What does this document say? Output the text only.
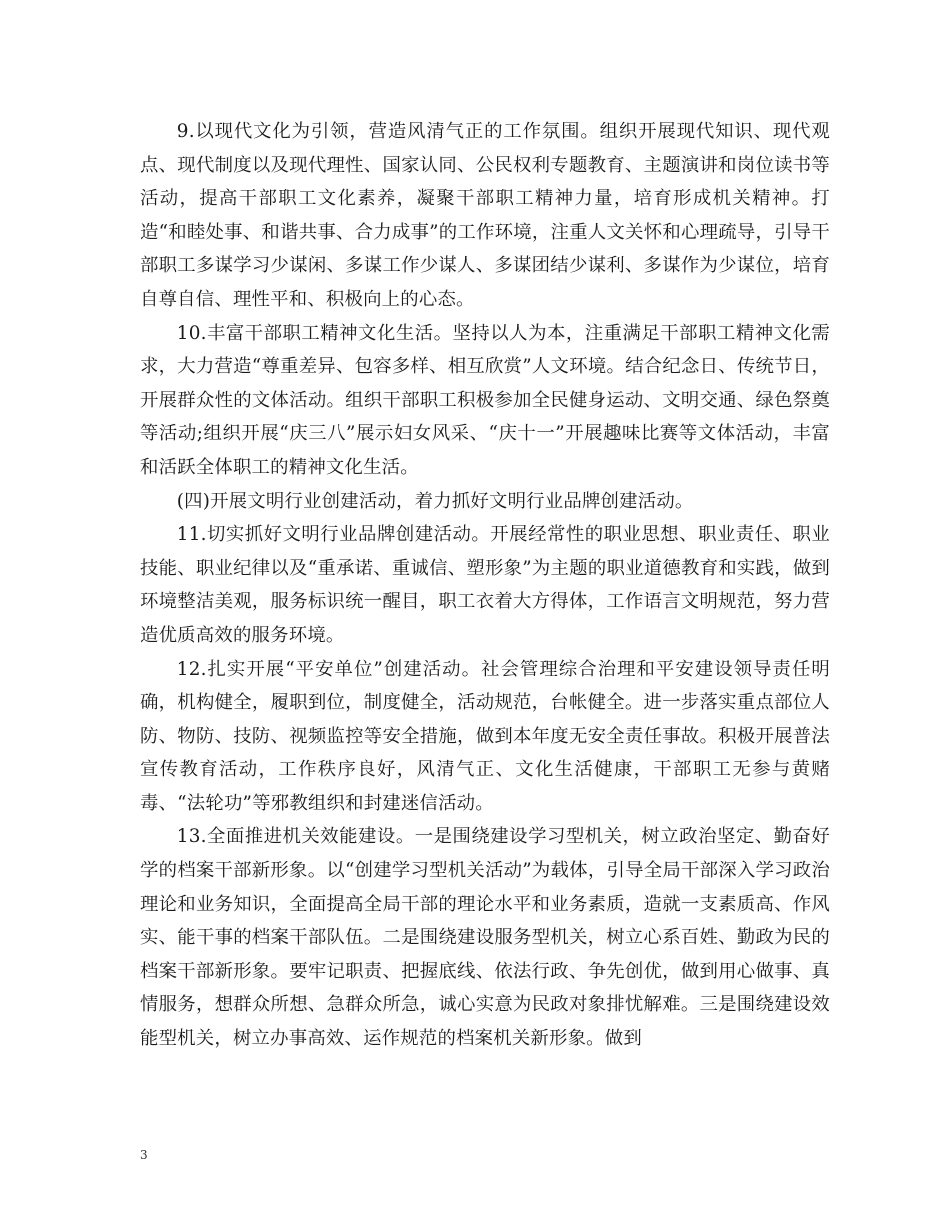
9.以现代文化为引领，营造风清气正的工作氛围。组织开展现代知识、现代观点、现代制度以及现代理性、国家认同、公民权利专题教育、主题演讲和岗位读书等活动，提高干部职工文化素养，凝聚干部职工精神力量，培育形成机关精神。打造“和睦处事、和谐共事、合力成事”的工作环境，注重人文关怀和心理疏导，引导干部职工多谋学习少谋闲、多谋工作少谋人、多谋团结少谋利、多谋作为少谋位，培育自尊自信、理性平和、积极向上的心态。

10.丰富干部职工精神文化生活。坚持以人为本，注重满足干部职工精神文化需求，大力营造“尊重差异、包容多样、相互欣赏”人文环境。结合纪念日、传统节日，开展群众性的文体活动。组织干部职工积极参加全民健身运动、文明交通、绿色祭奠等活动;组织开展“庆三八”展示妇女风采、“庆十一”开展趣味比赛等文体活动，丰富和活跃全体职工的精神文化生活。

(四)开展文明行业创建活动，着力抓好文明行业品牌创建活动。

11.切实抓好文明行业品牌创建活动。开展经常性的职业思想、职业责任、职业技能、职业纪律以及“重承诺、重诚信、塑形象”为主题的职业道德教育和实践，做到环境整洁美观，服务标识统一醒目，职工衣着大方得体，工作语言文明规范，努力营造优质高效的服务环境。

12.扎实开展“平安单位”创建活动。社会管理综合治理和平安建设领导责任明确，机构健全，履职到位，制度健全，活动规范，台帐健全。进一步落实重点部位人防、物防、技防、视频监控等安全措施，做到本年度无安全责任事故。积极开展普法宣传教育活动，工作秩序良好，风清气正、文化生活健康，干部职工无参与黄赌毒、“法轮功”等邪教组织和封建迷信活动。

13.全面推进机关效能建设。一是围绕建设学习型机关，树立政治坚定、勤奋好学的档案干部新形象。以“创建学习型机关活动”为载体，引导全局干部深入学习政治理论和业务知识，全面提高全局干部的理论水平和业务素质，造就一支素质高、作风实、能干事的档案干部队伍。二是围绕建设服务型机关，树立心系百姓、勤政为民的档案干部新形象。要牢记职责、把握底线、依法行政、争先创优，做到用心做事、真情服务，想群众所想、急群众所急，诚心实意为民政对象排忧解难。三是围绕建设效能型机关，树立办事高效、运作规范的档案机关新形象。做到

3
